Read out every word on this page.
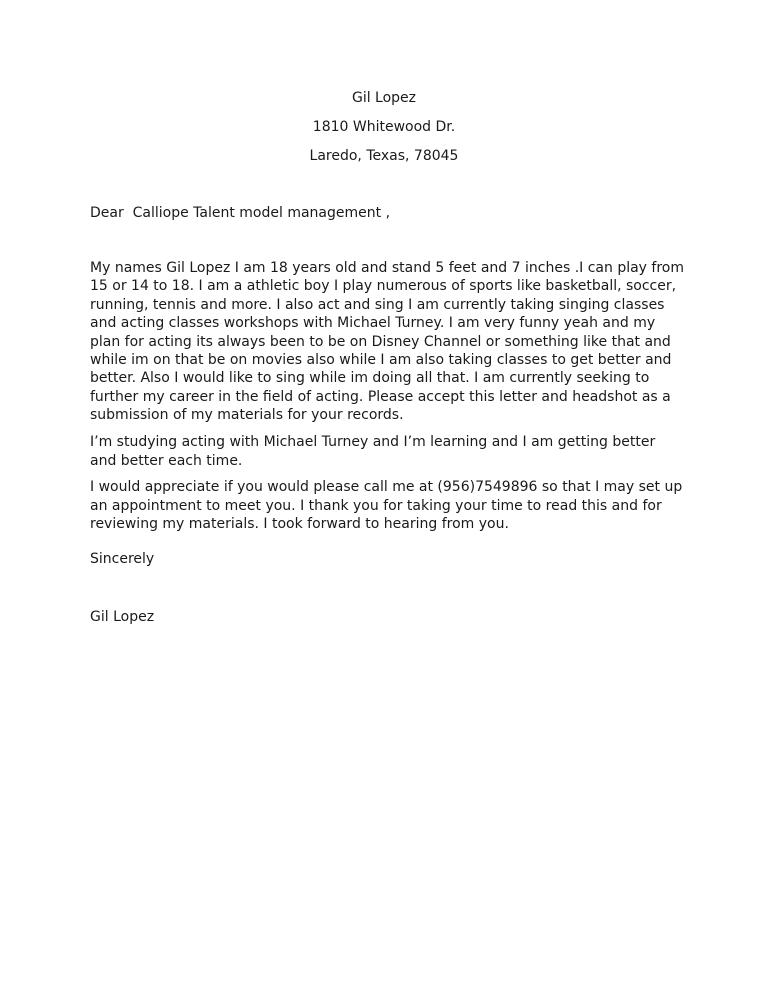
Gil Lopez
1810 Whitewood Dr.
Laredo, Texas, 78045
Dear  Calliope Talent model management ,
My names Gil Lopez I am 18 years old and stand 5 feet and 7 inches .I can play from
15 or 14 to 18. I am a athletic boy I play numerous of sports like basketball, soccer,
running, tennis and more. I also act and sing I am currently taking singing classes
and acting classes workshops with Michael Turney. I am very funny yeah and my
plan for acting its always been to be on Disney Channel or something like that and
while im on that be on movies also while I am also taking classes to get better and
better. Also I would like to sing while im doing all that. I am currently seeking to
further my career in the field of acting. Please accept this letter and headshot as a
submission of my materials for your records.
I’m studying acting with Michael Turney and I’m learning and I am getting better
and better each time.
I would appreciate if you would please call me at (956)7549896 so that I may set up
an appointment to meet you. I thank you for taking your time to read this and for
reviewing my materials. I took forward to hearing from you.
Sincerely
Gil Lopez
